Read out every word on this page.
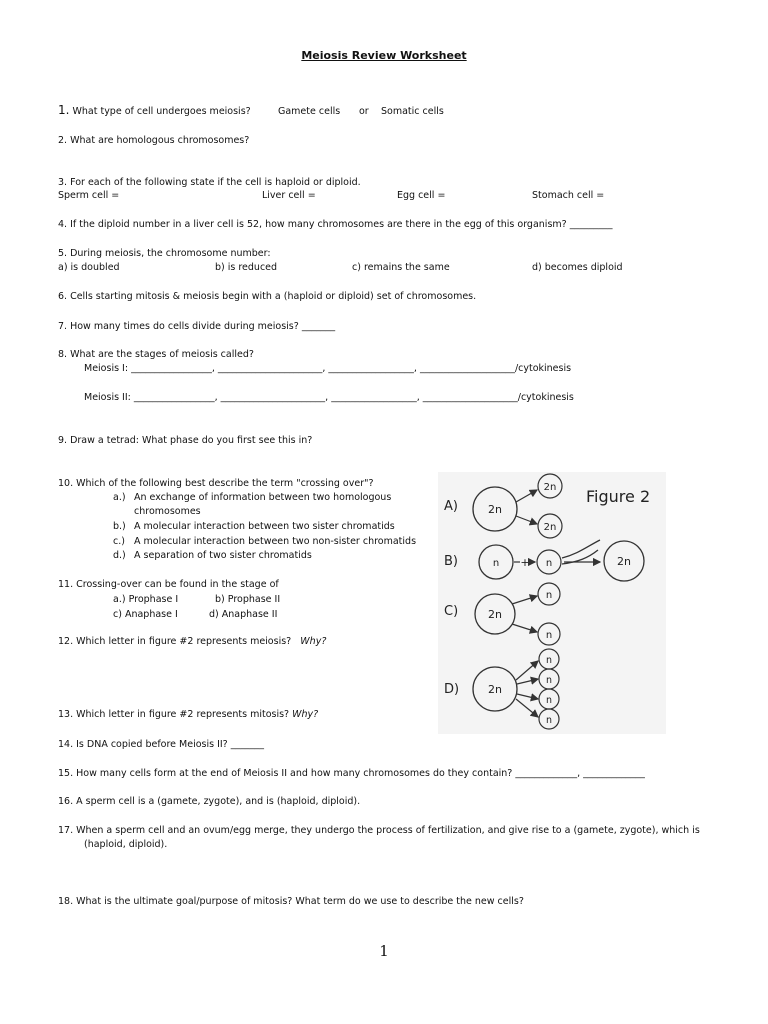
Meiosis Review Worksheet
1. What type of cell undergoes meiosis?	Gamete cells or Somatic cells
2. What are homologous chromosomes?
3. For each of the following state if the cell is haploid or diploid.
Sperm cell =	Liver cell =	Egg cell =	Stomach cell =
4. If the diploid number in a liver cell is 52, how many chromosomes are there in the egg of this organism? _________
5. During meiosis, the chromosome number:
a) is doubled	b) is reduced	c) remains the same	d) becomes diploid
6. Cells starting mitosis & meiosis begin with a (haploid or diploid) set of chromosomes.
7. How many times do cells divide during meiosis? _______
8. What are the stages of meiosis called?
Meiosis I: _________________, ______________________, __________________, ____________________/cytokinesis
Meiosis II: _________________, ______________________, __________________, ____________________/cytokinesis
9. Draw a tetrad: What phase do you first see this in?
10. Which of the following best describe the term "crossing over"?
a.) An exchange of information between two homologous
chromosomes
b.) A molecular interaction between two sister chromatids
c.) A molecular interaction between two non-sister chromatids
d.) A separation of two sister chromatids
11. Crossing-over can be found in the stage of
a.) Prophase I	b) Prophase II
c) Anaphase I	d) Anaphase II
12. Which letter in figure #2 represents meiosis? Why?
13. Which letter in figure #2 represents mitosis? Why?
14. Is DNA copied before Meiosis II? _______
15. How many cells form at the end of Meiosis II and how many chromosomes do they contain? _____________, _____________
16. A sperm cell is a (gamete, zygote), and is (haploid, diploid).
17. When a sperm cell and an ovum/egg merge, they undergo the process of fertilization, and give rise to a (gamete, zygote), which is
(haploid, diploid).
18. What is the ultimate goal/purpose of mitosis? What term do we use to describe the new cells?
Figure 2
A)	2n
2n
2n
B)	n + n	2n
C)	2n
n
n
D)	2n
n
n
n
n
1
